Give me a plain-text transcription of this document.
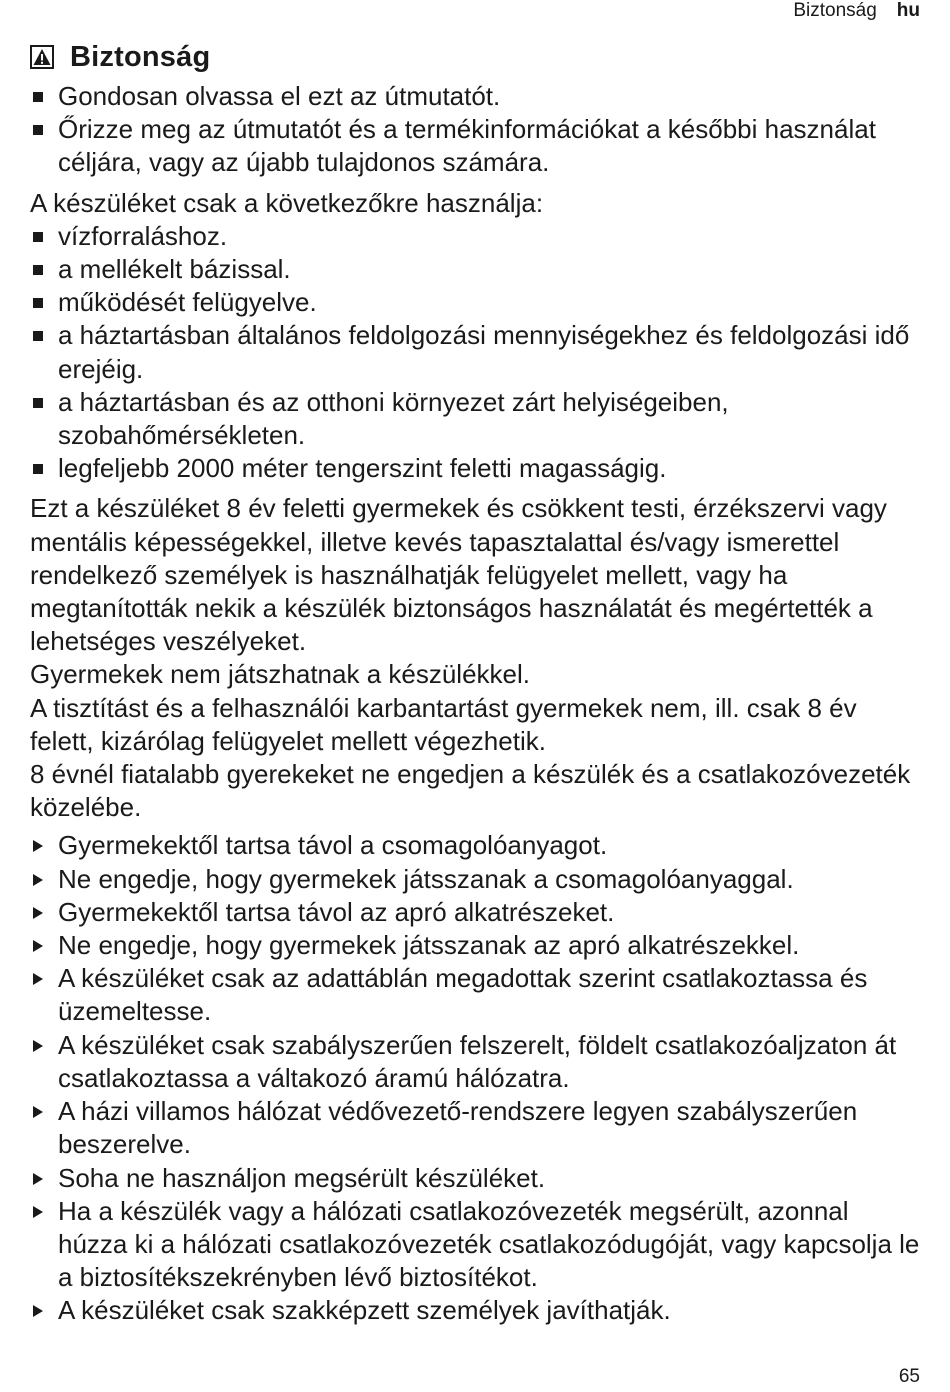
Biztonság hu
Biztonság
Gondosan olvassa el ezt az útmutatót.
Őrizze meg az útmutatót és a termékinformációkat a későbbi használat céljára, vagy az újabb tulajdonos számára.

A készüléket csak a következőkre használja:

vízforraláshoz.
a mellékelt bázissal.
működését felügyelve.
a háztartásban általános feldolgozási mennyiségekhez és feldolgozási idő erejéig.
a háztartásban és az otthoni környezet zárt helyiségeiben, szobahőmérsékleten.
legfeljebb 2000 méter tengerszint feletti magasságig.

Ezt a készüléket 8 év feletti gyermekek és csökkent testi, érzékszervi vagy mentális képességekkel, illetve kevés tapasztalattal és/vagy ismerettel rendelkező személyek is használhatják felügyelet mellett, vagy ha megtanították nekik a készülék biztonságos használatát és megértették a lehetséges veszélyeket.

Gyermekek nem játszhatnak a készülékkel.

A tisztítást és a felhasználói karbantartást gyermekek nem, ill. csak 8 év felett, kizárólag felügyelet mellett végezhetik.

8 évnél fiatalabb gyerekeket ne engedjen a készülék és a csatlakozóvezeték közelébe.

Gyermekektől tartsa távol a csomagolóanyagot.
Ne engedje, hogy gyermekek játsszanak a csomagolóanyaggal.
Gyermekektől tartsa távol az apró alkatrészeket.
Ne engedje, hogy gyermekek játsszanak az apró alkatrészekkel.
A készüléket csak az adattáblán megadottak szerint csatlakoztassa és üzemeltesse.
A készüléket csak szabályszerűen felszerelt, földelt csatlakozóaljzaton át csatlakoztassa a váltakozó áramú hálózatra.
A házi villamos hálózat védővezető-rendszere legyen szabályszerűen beszerelve.
Soha ne használjon megsérült készüléket.
Ha a készülék vagy a hálózati csatlakozóvezeték megsérült, azonnal húzza ki a hálózati csatlakozóvezeték csatlakozódugóját, vagy kapcsolja le a biztosítékszekrényben lévő biztosítékot.
A készüléket csak szakképzett személyek javíthatják.
65
